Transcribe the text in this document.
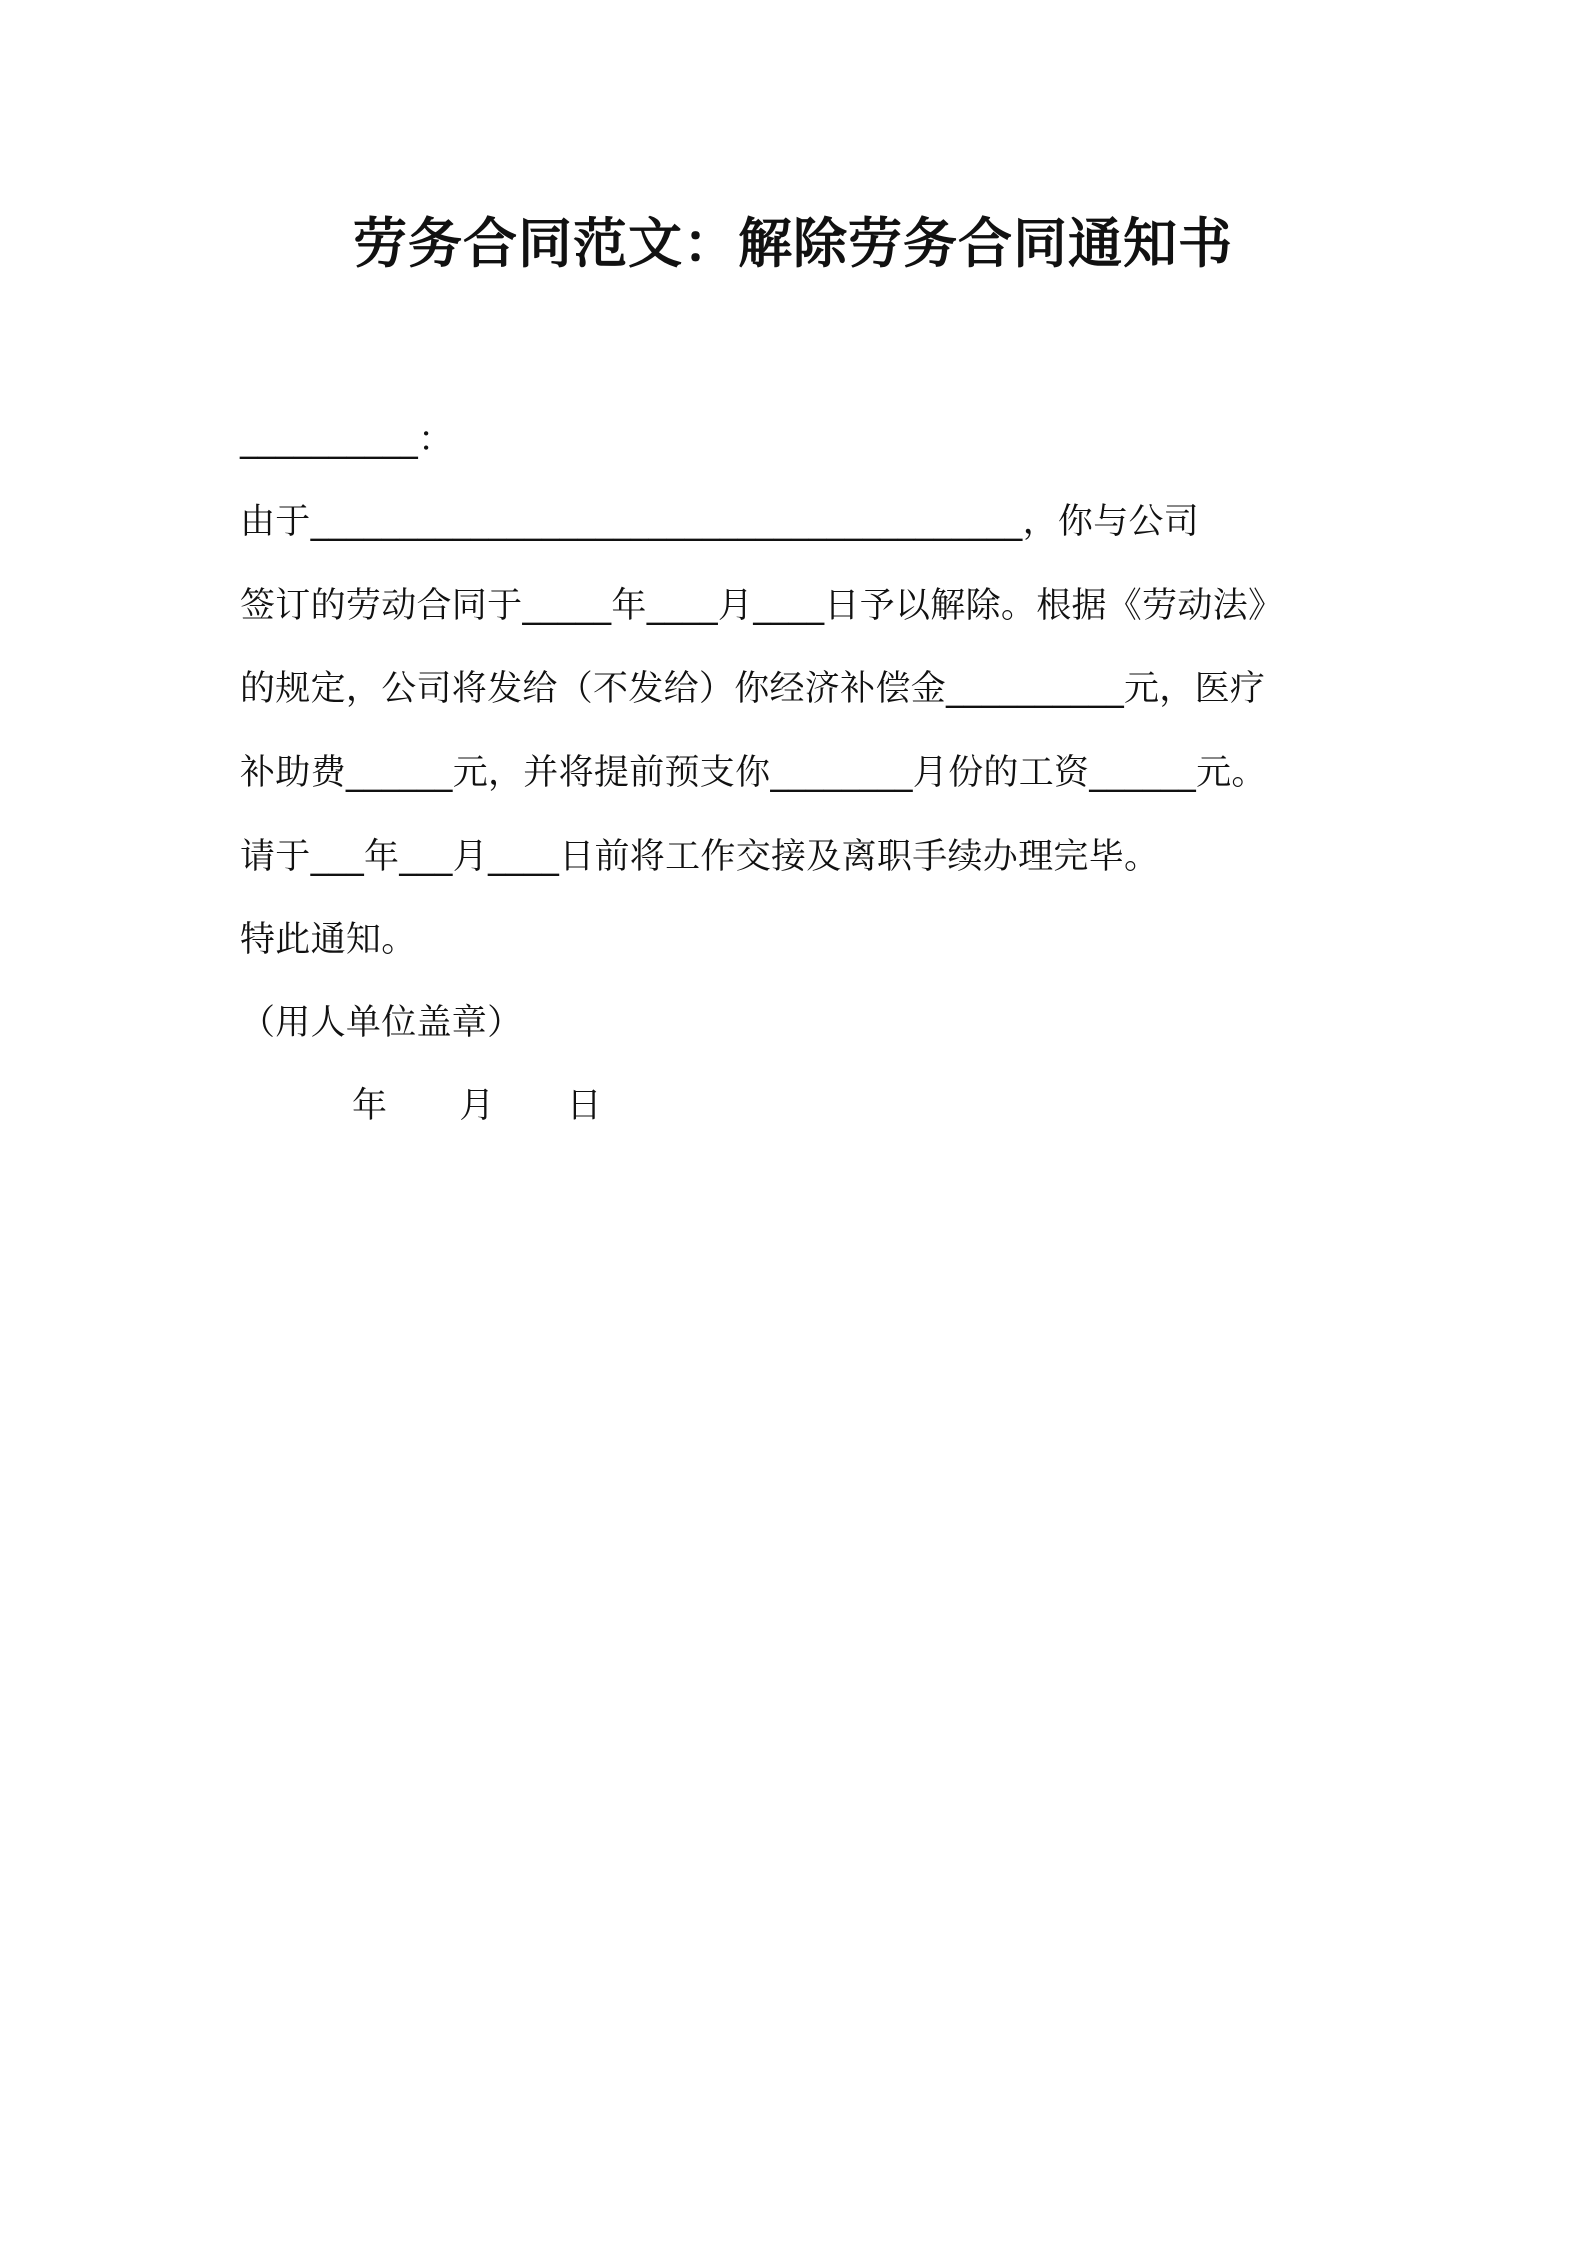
劳务合同范文：解除劳务合同通知书
__________：
由于________________________________________，你与公司
签订的劳动合同于_____年____月____日予以解除。根据《劳动法》
的规定，公司将发给（不发给）你经济补偿金__________元，医疗
补助费______元，并将提前预支你________月份的工资______元。
请于___年___月____日前将工作交接及离职手续办理完毕。
特此通知。
（用人单位盖章）
年 月 日
